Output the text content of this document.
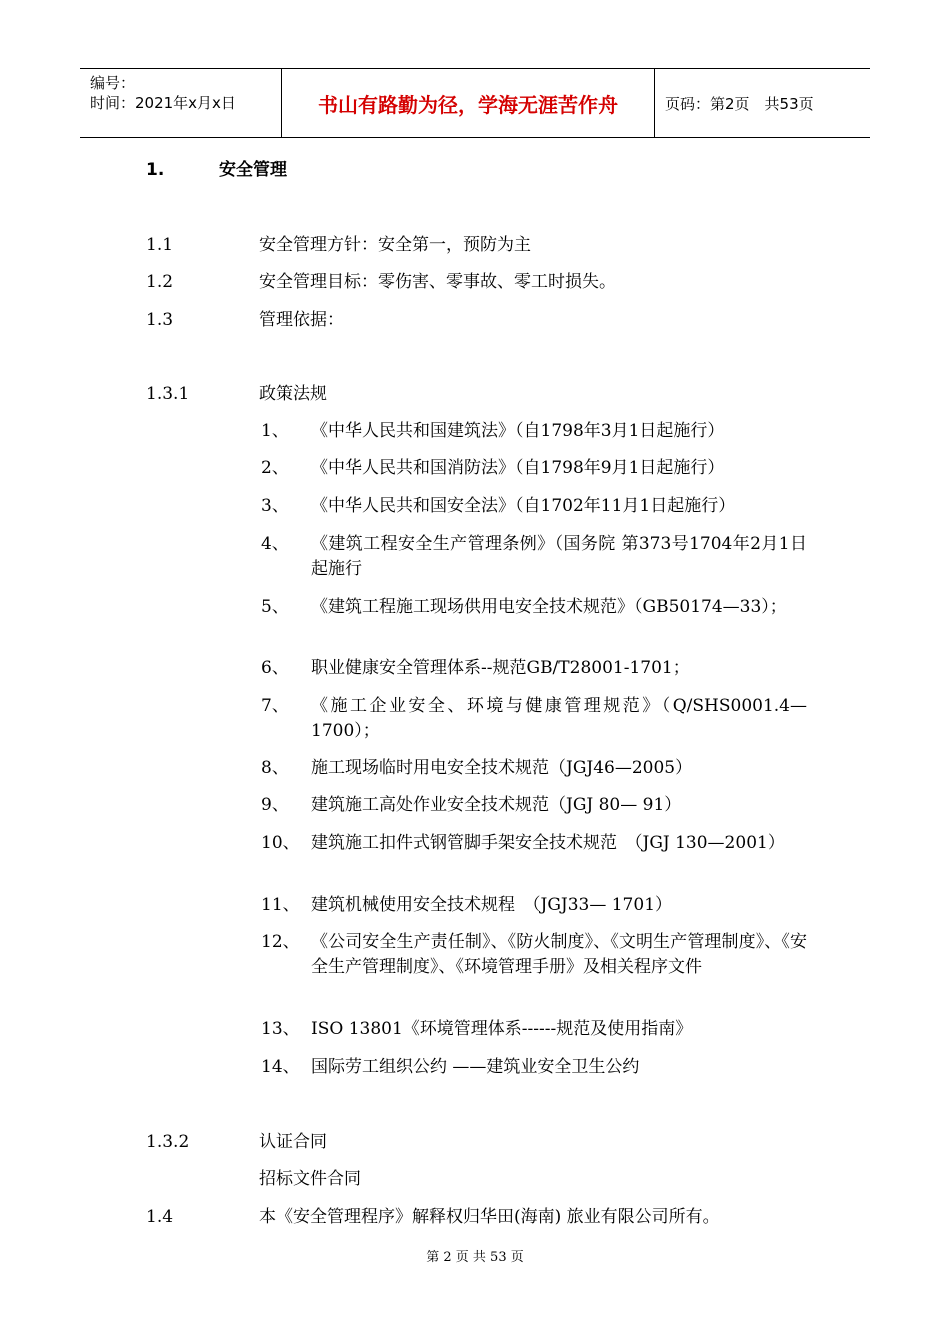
编号：
时间：2021年x月x日	书山有路勤为径，学海无涯苦作舟	页码：第2页　共53页
1.	安全管理
1.1	安全管理方针：安全第一，预防为主
1.2	安全管理目标：零伤害、零事故、零工时损失。
1.3	管理依据：
1.3.1	政策法规
1、 《中华人民共和国建筑法》（自1798年3月1日起施行）
2、 《中华人民共和国消防法》（自1798年9月1日起施行）
3、 《中华人民共和国安全法》（自1702年11月1日起施行）
4、 《建筑工程安全生产管理条例》（国务院 第373号1704年2月1日起施行
5、 《建筑工程施工现场供用电安全技术规范》（GB50174—33）；
6、 职业健康安全管理体系--规范GB/T28001-1701；
7、 《施工企业安全、环境与健康管理规范》（Q/SHS0001.4—1700）；
8、 施工现场临时用电安全技术规范（JGJ46—2005）
9、 建筑施工高处作业安全技术规范（JGJ 80— 91）
10、 建筑施工扣件式钢管脚手架安全技术规范　（JGJ 130—2001）
11、 建筑机械使用安全技术规程　（JGJ33— 1701）
12、 《公司安全生产责任制》、《防火制度》、《文明生产管理制度》、《安全生产管理制度》、《环境管理手册》及相关程序文件
13、 ISO 13801《环境管理体系------规范及使用指南》
14、 国际劳工组织公约 ——建筑业安全卫生公约
1.3.2	认证合同
招标文件合同
1.4	本《安全管理程序》解释权归华田(海南) 旅业有限公司所有。
第 2 页 共 53 页
